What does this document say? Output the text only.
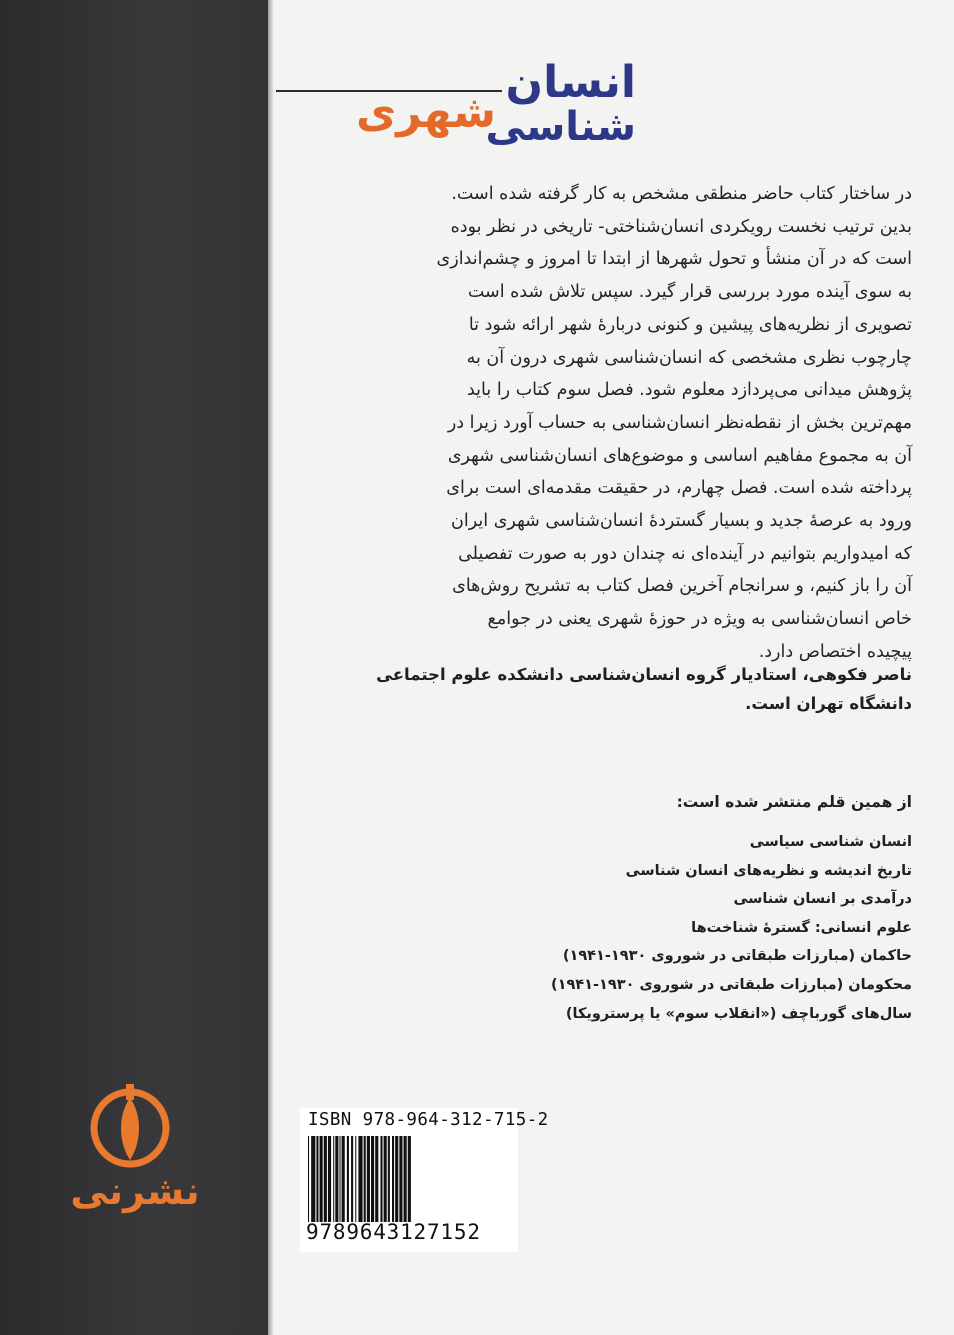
انسان
شهری
شناسی
در ساختار کتاب حاضر منطقی مشخص به کار گرفته شده است.
بدین ترتیب نخست رویکردی انسان‌شناختی- تاریخی در نظر بوده
است که در آن منشأ و تحول شهرها از ابتدا تا امروز و چشم‌اندازی
به سوی آینده مورد بررسی قرار گیرد. سپس تلاش شده است
تصویری از نظریه‌های پیشین و کنونی دربارهٔ شهر ارائه شود تا
چارچوب نظری مشخصی که انسان‌شناسی شهری درون آن به
پژوهش میدانی می‌پردازد معلوم شود. فصل سوم کتاب را باید
مهم‌ترین بخش از نقطه‌نظر انسان‌شناسی به حساب آورد زیرا در
آن به مجموع مفاهیم اساسی و موضوع‌های انسان‌شناسی شهری
پرداخته شده است. فصل چهارم، در حقیقت مقدمه‌ای است برای
ورود به عرصهٔ جدید و بسیار گستردهٔ انسان‌شناسی شهری ایران
که امیدواریم بتوانیم در آینده‌ای نه چندان دور به صورت تفصیلی
آن را باز کنیم، و سرانجام آخرین فصل کتاب به تشریح روش‌های
خاص انسان‌شناسی به ویژه در حوزهٔ شهری یعنی در جوامع
پیچیده اختصاص دارد.
ناصر فکوهی، استادیار گروه انسان‌شناسی دانشکده علوم اجتماعی
دانشگاه تهران است.
از همین قلم منتشر شده است:
انسان شناسی سیاسی
تاریخ اندیشه و نظریه‌های انسان شناسی
درآمدی بر انسان شناسی
علوم انسانی: گسترهٔ شناخت‌ها
حاکمان (مبارزات طبقاتی در شوروی ۱۹۳۰-۱۹۴۱)
محکومان (مبارزات طبقاتی در شوروی ۱۹۳۰-۱۹۴۱)
سال‌های گورباچف («انقلاب سوم» یا پرسترویکا)
ISBN 978-964-312-715-2
9789643127152
نشرنی
